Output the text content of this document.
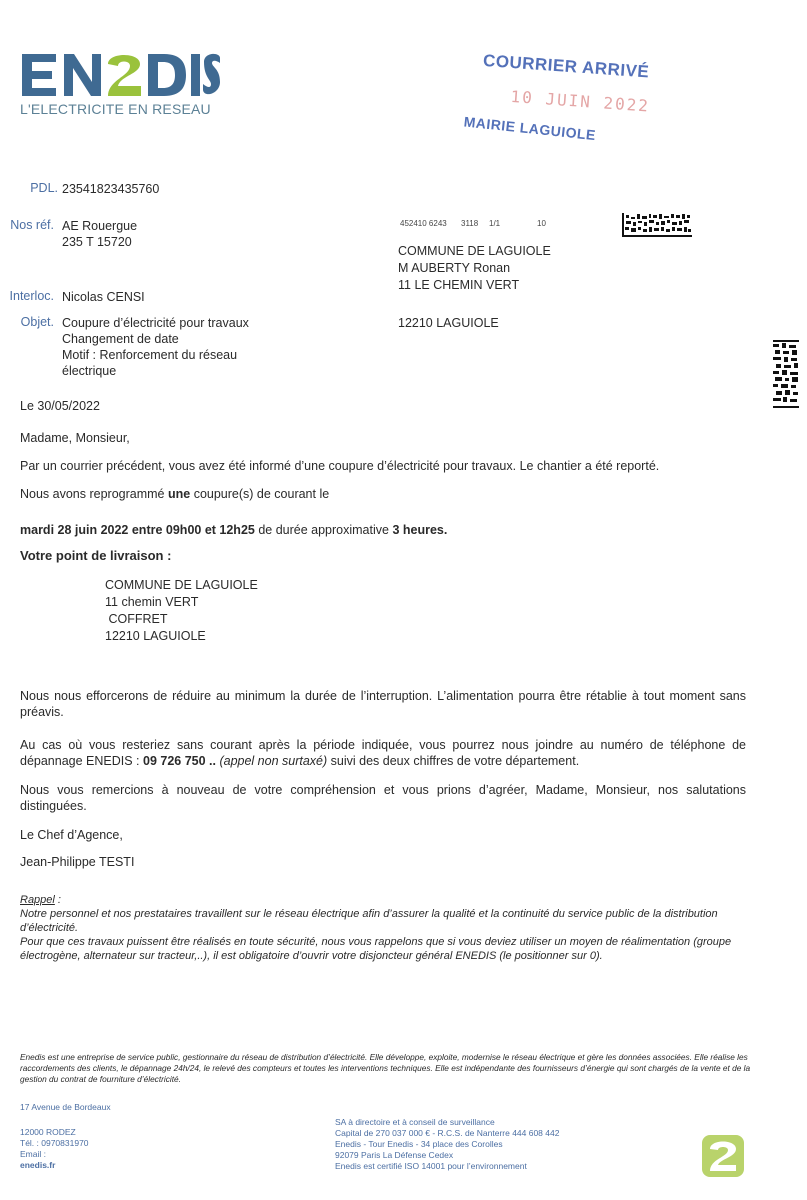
L'ELECTRICITE EN RESEAU
COURRIER ARRIVÉ
10 JUIN 2022
MAIRIE LAGUIOLE
PDL. 23541823435760
Nos réf. AE Rouergue
235 T 15720
Interloc. Nicolas CENSI
Objet. Coupure d’électricité pour travaux
Changement de date
Motif : Renforcement du réseau
électrique
452410 6243 3118 1/1	10
COMMUNE DE LAGUIOLE
M AUBERTY Ronan
11 LE CHEMIN VERT
12210 LAGUIOLE
Le 30/05/2022
Madame, Monsieur,
Par un courrier précédent, vous avez été informé d’une coupure d’électricité pour travaux. Le chantier a été reporté.
Nous avons reprogrammé une coupure(s) de courant le
mardi 28 juin 2022 entre 09h00 et 12h25 de durée approximative 3 heures.
Votre point de livraison :
COMMUNE DE LAGUIOLE
11 chemin VERT
COFFRET
12210 LAGUIOLE
Nous nous efforcerons de réduire au minimum la durée de l’interruption. L’alimentation pourra être rétablie à tout moment sans préavis.
Au cas où vous resteriez sans courant après la période indiquée, vous pourrez nous joindre au numéro de téléphone de dépannage ENEDIS : 09 726 750 .. (appel non surtaxé) suivi des deux chiffres de votre département.
Nous vous remercions à nouveau de votre compréhension et vous prions d’agréer, Madame, Monsieur, nos salutations distinguées.
Le Chef d’Agence,
Jean-Philippe TESTI
Rappel :
Notre personnel et nos prestataires travaillent sur le réseau électrique afin d’assurer la qualité et la continuité du service public de la distribution d’électricité.
Pour que ces travaux puissent être réalisés en toute sécurité, nous vous rappelons que si vous deviez utiliser un moyen de réalimentation (groupe électrogène, alternateur sur tracteur,..), il est obligatoire d’ouvrir votre disjoncteur général ENEDIS (le positionner sur 0).
Enedis est une entreprise de service public, gestionnaire du réseau de distribution d’électricité. Elle développe, exploite, modernise le réseau électrique et gère les données associées. Elle réalise les raccordements des clients, le dépannage 24h/24, le relevé des compteurs et toutes les interventions techniques. Elle est indépendante des fournisseurs d’énergie qui sont chargés de la vente et de la gestion du contrat de fourniture d’électricité.
17 Avenue de Bordeaux
12000 RODEZ
Tél. : 0970831970
Email :
enedis.fr
SA à directoire et à conseil de surveillance
Capital de 270 037 000 € - R.C.S. de Nanterre 444 608 442
Enedis - Tour Enedis - 34 place des Corolles
92079 Paris La Défense Cedex
Enedis est certifié ISO 14001 pour l’environnement
